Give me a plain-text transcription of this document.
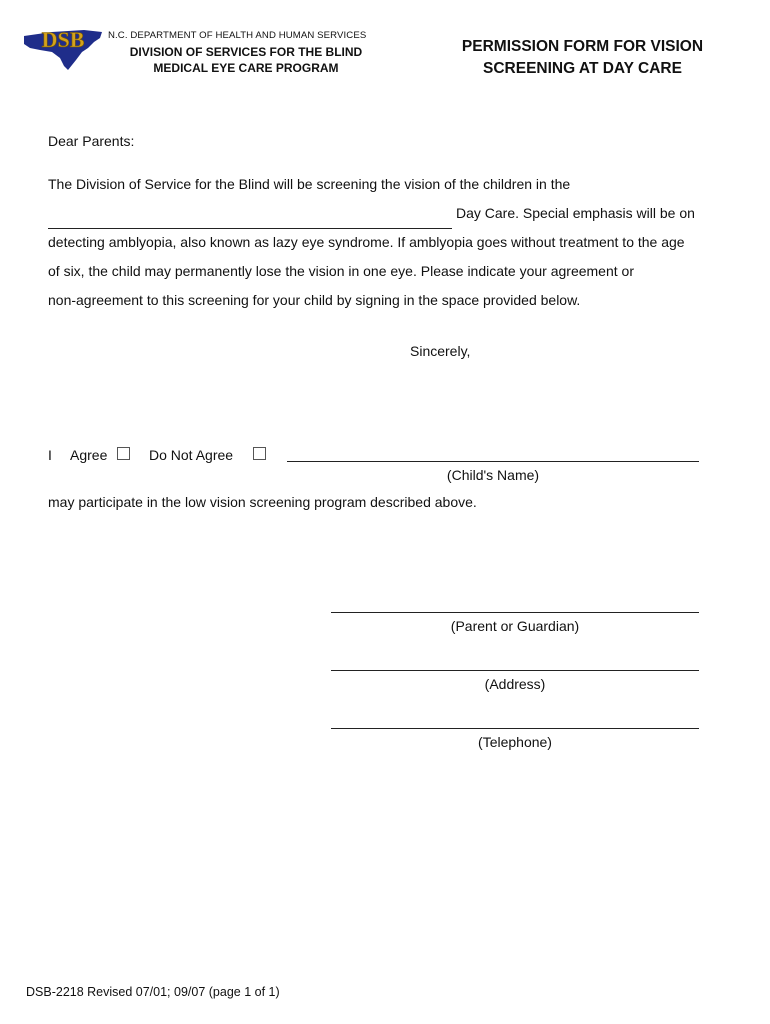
DSB N.C. DEPARTMENT OF HEALTH AND HUMAN SERVICES
DIVISION OF SERVICES FOR THE BLIND
MEDICAL EYE CARE PROGRAM
PERMISSION FORM FOR VISION
SCREENING AT DAY CARE
Dear Parents:
The Division of Service for the Blind will be screening the vision of the children in the
Day Care. Special emphasis will be on
detecting amblyopia, also known as lazy eye syndrome. If amblyopia goes without treatment to the age
of six, the child may permanently lose the vision in one eye. Please indicate your agreement or
non-agreement to this screening for your child by signing in the space provided below.
Sincerely,
I Agree	Do Not Agree
(Child's Name)
may participate in the low vision screening program described above.
(Parent or Guardian)
(Address)
(Telephone)
DSB-2218 Revised 07/01; 09/07 (page 1 of 1)
